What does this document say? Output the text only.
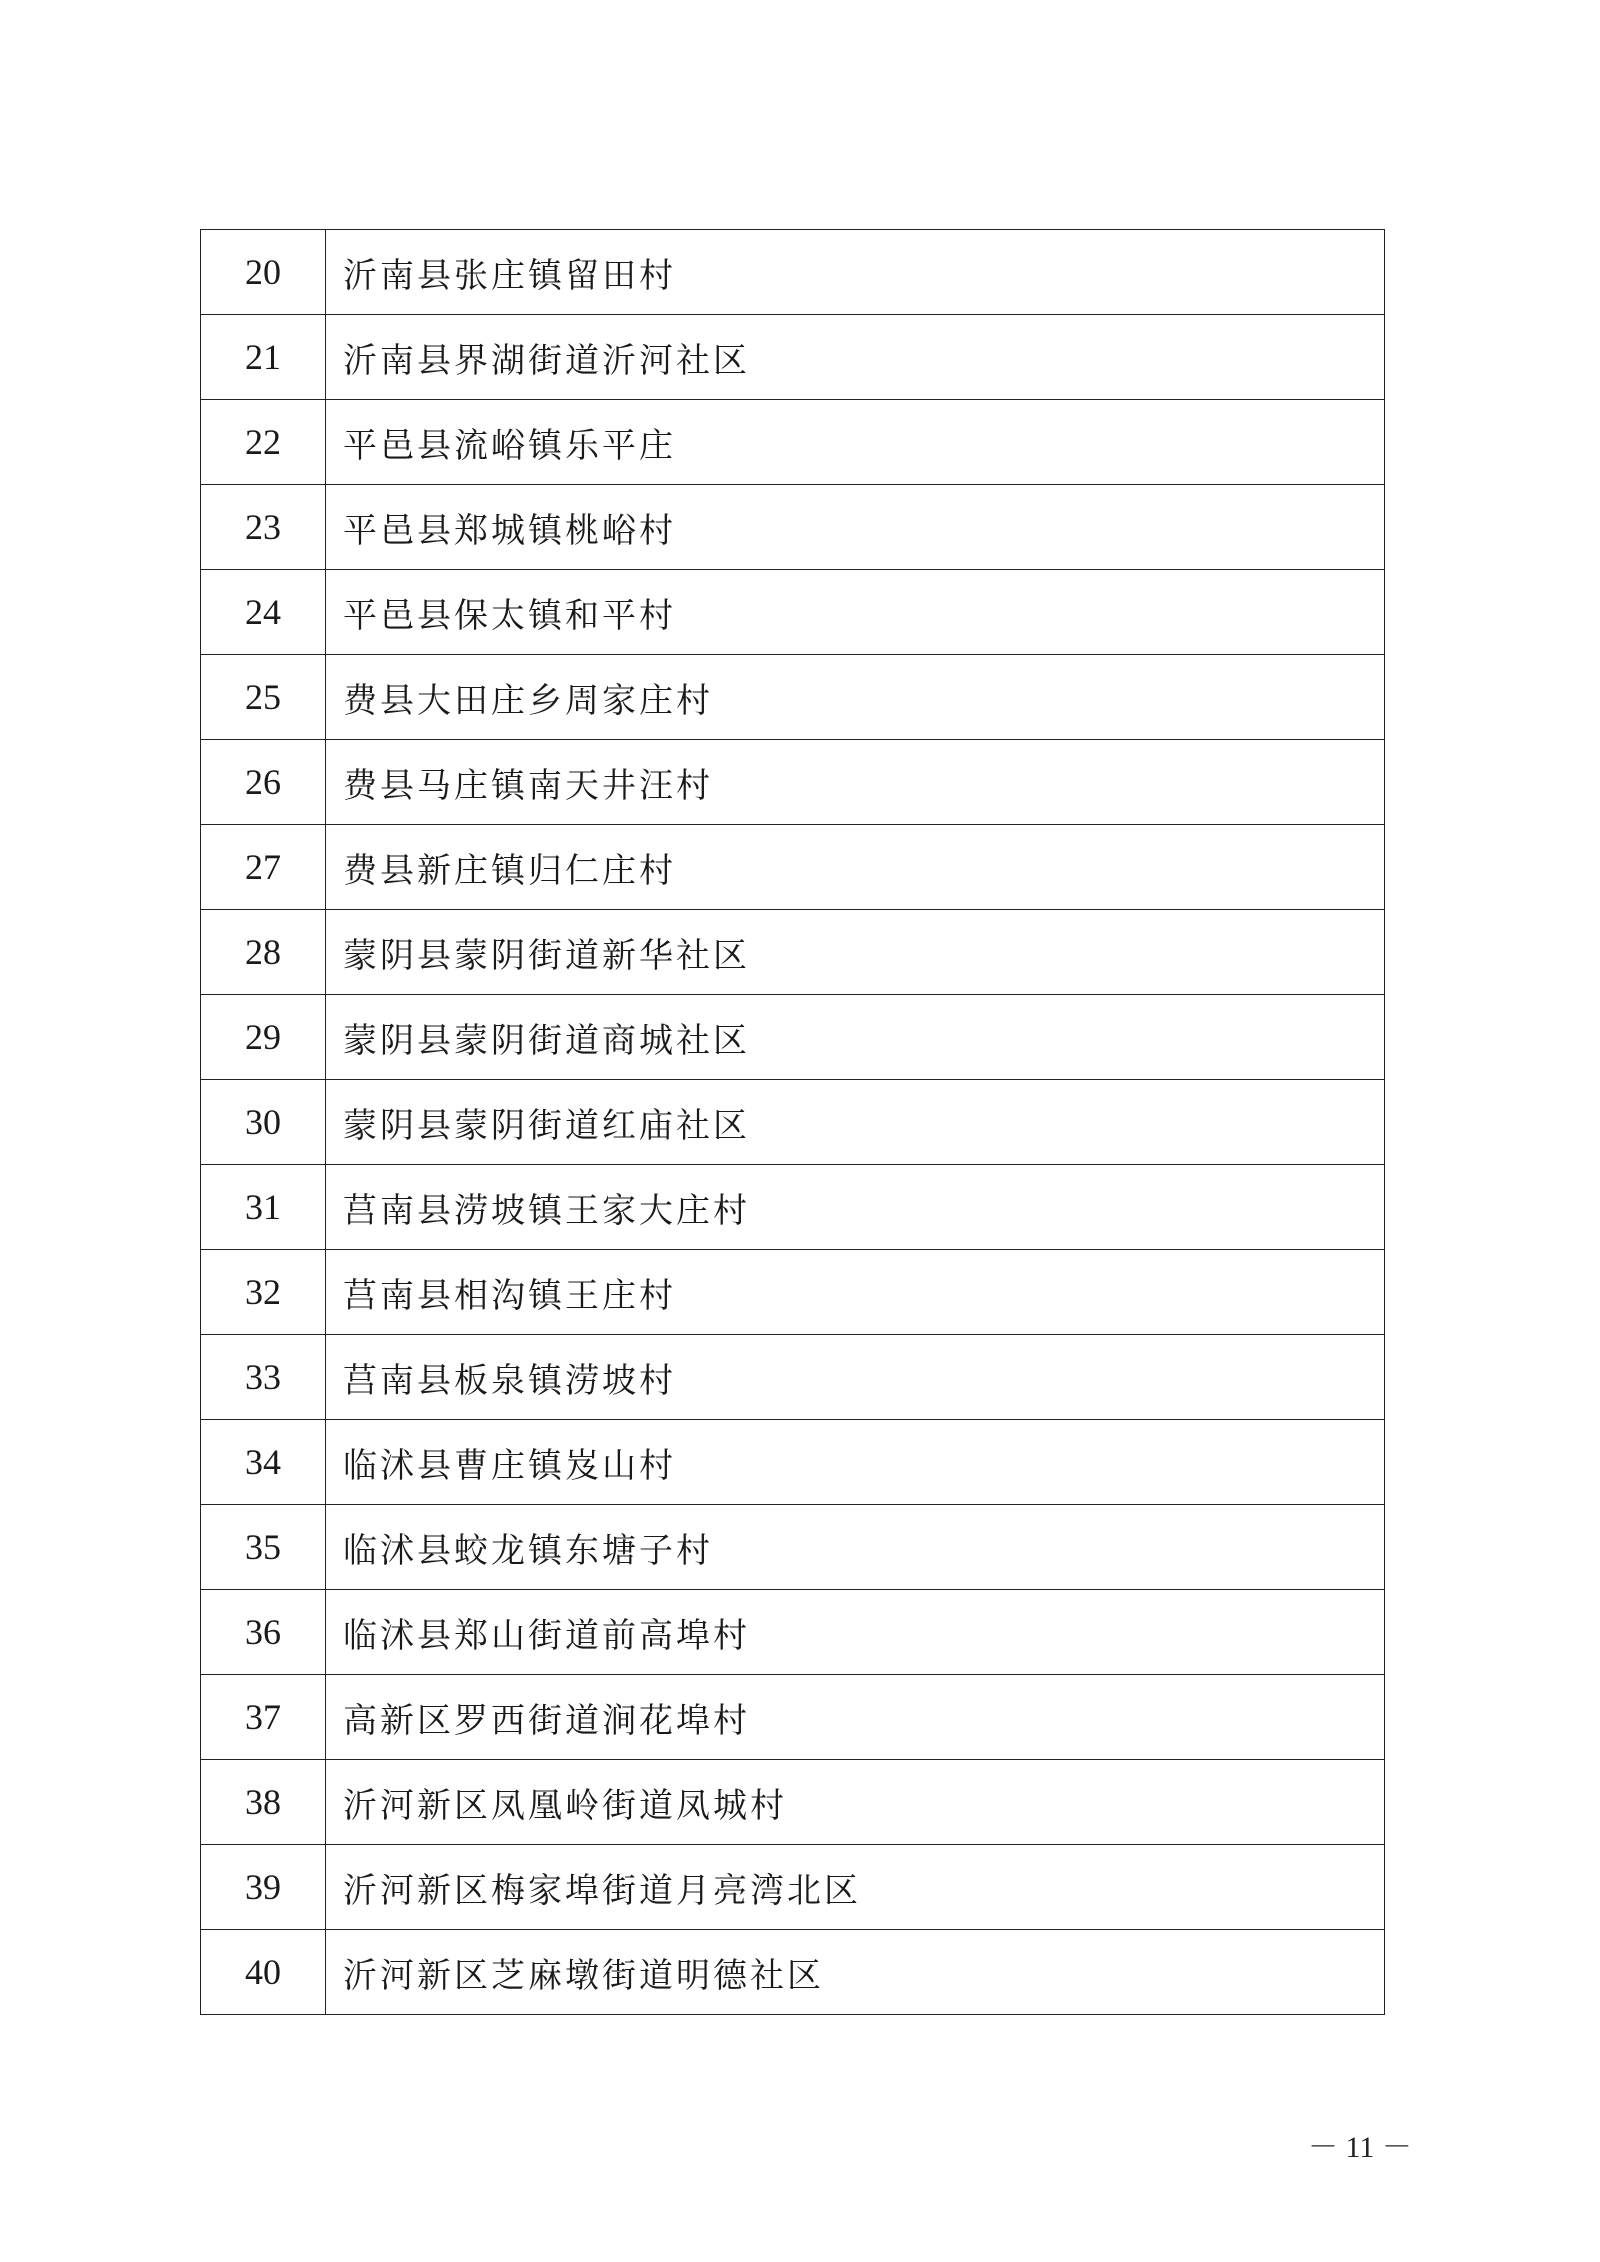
20	沂南县张庄镇留田村
21	沂南县界湖街道沂河社区
22	平邑县流峪镇乐平庄
23	平邑县郑城镇桃峪村
24	平邑县保太镇和平村
25	费县大田庄乡周家庄村
26	费县马庄镇南天井汪村
27	费县新庄镇归仁庄村
28	蒙阴县蒙阴街道新华社区
29	蒙阴县蒙阴街道商城社区
30	蒙阴县蒙阴街道红庙社区
31	莒南县涝坡镇王家大庄村
32	莒南县相沟镇王庄村
33	莒南县板泉镇涝坡村
34	临沭县曹庄镇岌山村
35	临沭县蛟龙镇东塘子村
36	临沭县郑山街道前高埠村
37	高新区罗西街道涧花埠村
38	沂河新区凤凰岭街道凤城村
39	沂河新区梅家埠街道月亮湾北区
40	沂河新区芝麻墩街道明德社区
－ 11 －
